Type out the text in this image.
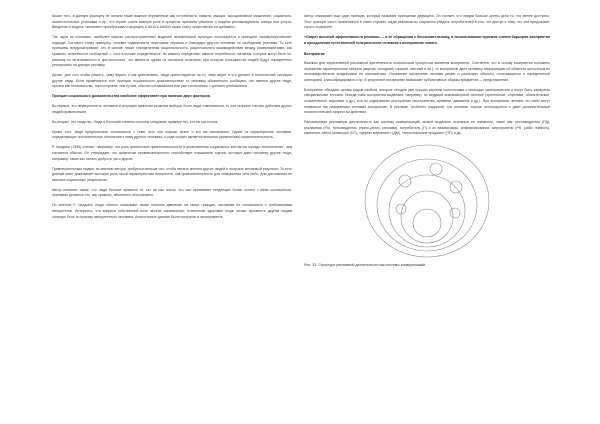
Кроме того, в данную формулу не попали такие важные переменные как потребности, памяти, эмоции, ассоциативное мышление, социально-психологические установки и пр., что играет очень важную роль в процессе принятия решения о покупке рекламируемого товара или услуги. Введение в модель «желание» преобразовало формулу в AIDA и AIMDA также стало существенно не добавило.

Так, одна из основных, наиболее широко распространенных моделей человеческой культуры используется в принципе «коммуникативном» подходе. Согласно этому принципу, человек подвергается некоторым образом и благодаря другого человека по сообщению рекламы. То есть принципы предусматривают, что в основе лежит определенная рациональность, рационального взаимодействия между коммуникантами, как правило, потребности сообщений — хотя в основе определенные, по смыслу определяют именно потребность, желания, которые могут быть по-разному по интенсивности и достаточности, что является одним из основных понятием, при котором большинство людей будут определенно реагировать на данную рекламу.

Далее, для того чтобы решить, чему верить и как действовать, люди ориентируются на то, чему верят и что делают в аналогичной ситуации другие люди. Если применяется этот принцип «социального доказательства» то человеку обязательно сообщают, что именно другие люди, прочем как большинство, так поступали, тем лучше, обычно соглашаются или уже согласились с данным требованием.

Принцип социального доказательства наиболее эффективен при наличии двух факторов.

Во-первых, это неуверенность человека в ситуации принятия решения выбора. Если люди сомневаются, то они склонны считать действия других людей правильными.

Во-вторых, это сходство. Люди в большей степени склонны следовать примеру тех, кто на них похож.

Кроме того, люди предпочитают соглашаться с теми, кого они хорошо знают и кто им симпатичен. Одной из характеристик человека, определяющих положительное отношение к нему другого человека, к роде служит является внешняя (физическая) привлекательность.

Р. Чалдини (1999) считает, например, что роль физической привлекательности в установлении социальных контактов гораздо значительнее, чем считается обычно. Он утверждает, что физически привлекательности способствует повышение оценок, которые дают человеку другие люди, например, таких как талант, доброта, ум и другие.

Привлекательным людям, по мнению автора, требуется меньше сил, чтобы менять мнения других людей и получать желаемый результат. То есть данный факт доказывает высокую роль такой характеристики внешности, как привлекательность для совершения чего-либо, для достижения ее высоких социальных результатов.

Автор полагает также, что люди больше нравятся те, кто на нас похож, что они принимают тенденцию более охотно с ними соглашаться, принимая делается это, как правило, абсолютно неосознанно.

По мнению Р. Чалдини, люди обычно оказывают также сильное давление на своих граждан, заставляя их соглашаться с требованиями авторитетов. Интересно, что вопреки собственной воле многие нормальные, психически здоровые люди готовы причинить другим людям сильную боль по приказу авторитетного человека. Аналогичные данные были получены в эксперименте.

Автор описывает еще один принцип, который называет принципом дефицита. Он считает, что людям больше ценны цели то, что менее доступно. Этот принцип часто применяется в таких случаях, когда рекламисты стараются убедить потребителей в том, что доступ к тому, что они предлагают, строго ограничен.

«Секрет высокой эффективности рекламы — в ее обращении к бессознательному, в использовании приемов снятия барьеров восприятия и преодоления естественной толерантности человека к восприятию нового.

Восприятие

Важным для эффективной рекламной деятельности психическим процессом является восприятие. Считается, что в основу восприятия положено отражение характеристики объекта (вкусом, холодный, горький, светлый и пр.), то восприятие дает человеку информацию об объектах целостным их непосредственном воздействии на анализаторы. Отражение восприятие человек узнает и различает объекты, отличающиеся и определенной категорией, классифицировать и пр. В результате восприятие возникают субъективные образы предметов — представления.

Восприятие обладает целым рядом свойств, которые сегодня уже хорошо изучены психологами с помощью экспериментов и могут быть измерены специальными тестами. Иногда типы восприятия выделяют, например, по ведущей анализаторной системе (зрительные, слуховые, обонятельные, осязательные, вкусовые и др.) или по содержанию (восприятие пространства, времени, движения и др.). При восприятии человек что-либо могут появиться так называемые иллюзии восприятия. В рекламе, особенно наружной, эти иллюзии хорошо используются и дают дополнительный психологический эффект во действии.

Рассматривая рекламную деятельность как систему коммуникаций, можно выделить основные ее элементы, такие как: рекламодатель (РД), рекламная (РА), производитель (пресс-релиз, реклама), потребитель (П) и их взаимосвязь, информирование, мероприятия (PR, public relations), кампании, сейлз-промоушн (СП), «директ маркетинг» (ДМ), «персональные продажи» (ПП) и др.

Рис. 33. Структура рекламной деятельности как системы коммуникаций
